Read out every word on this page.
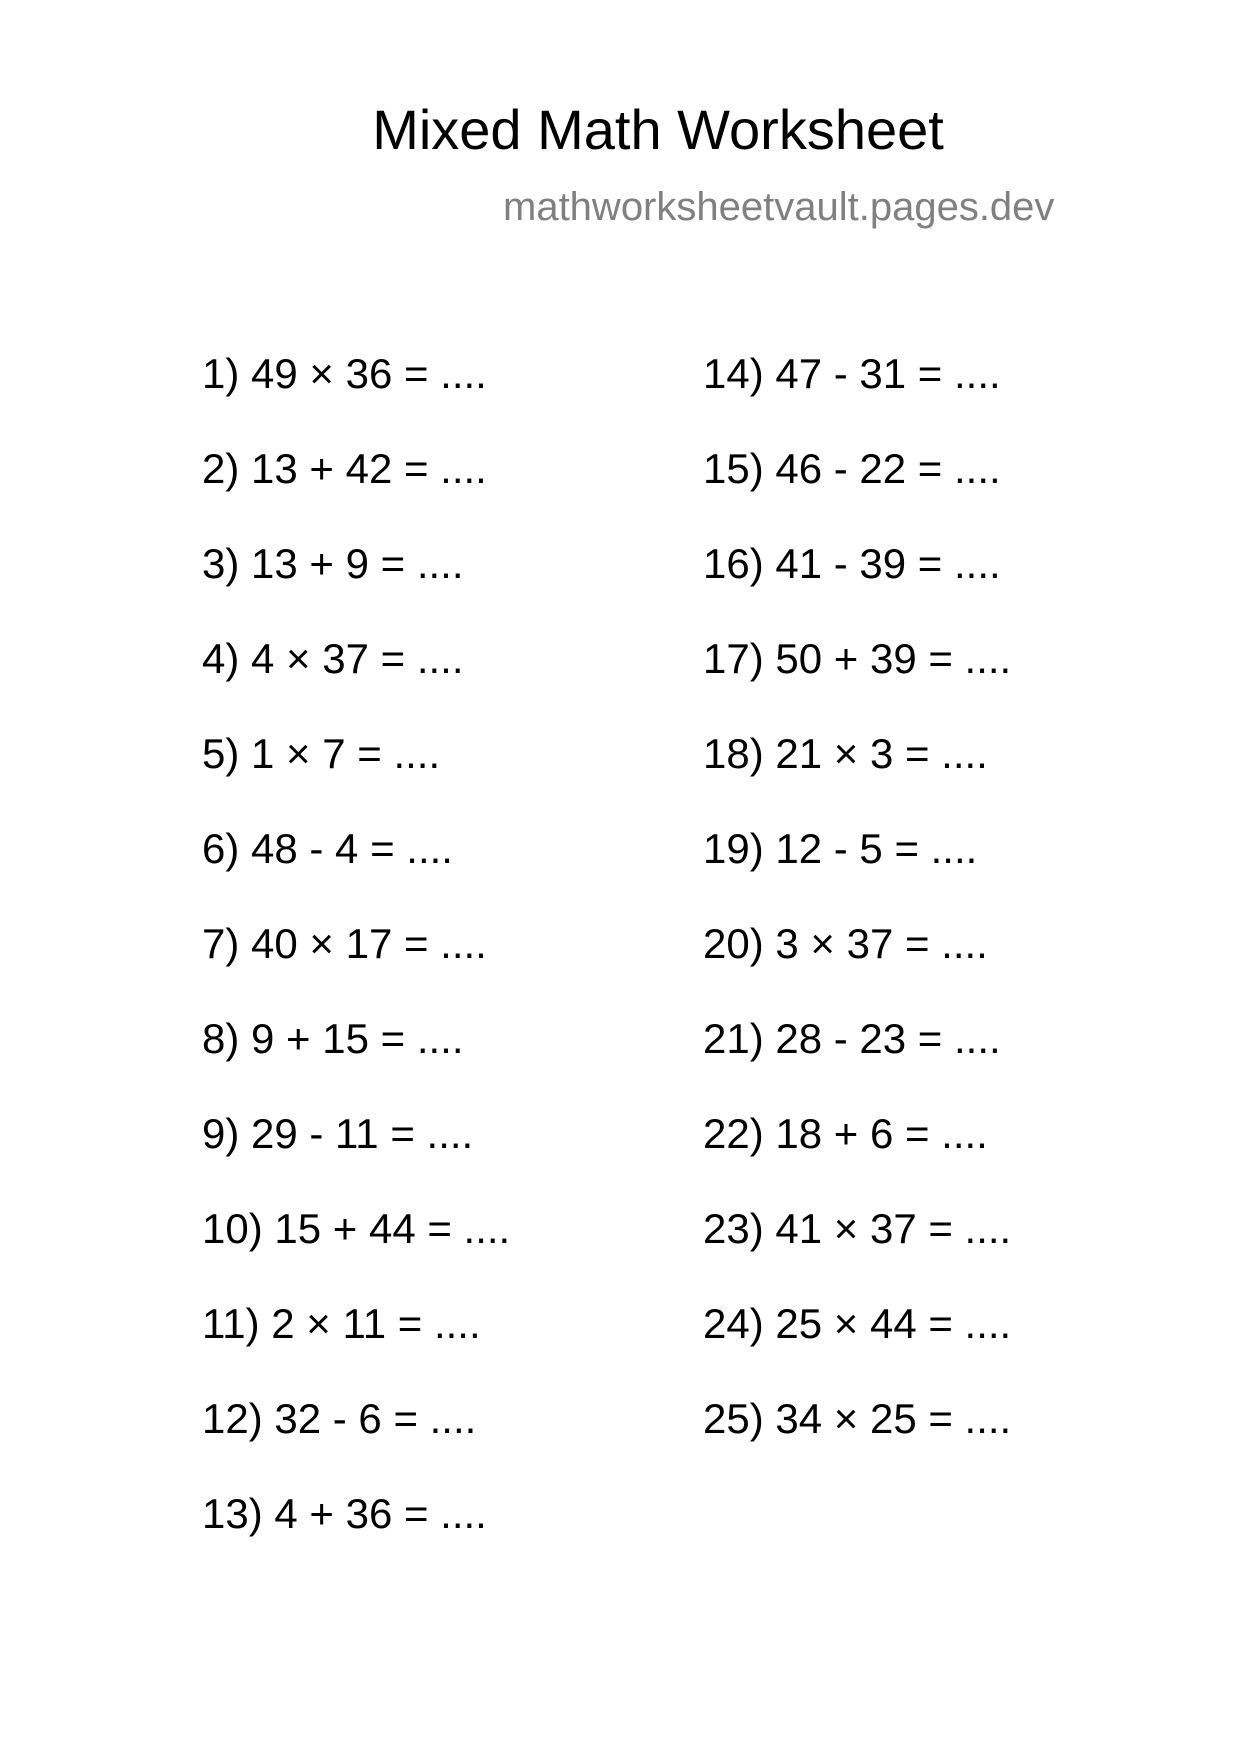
Mixed Math Worksheet

mathworksheetvault.pages.dev

1) 49 × 36 = ....
2) 13 + 42 = ....
3) 13 + 9 = ....
4) 4 × 37 = ....
5) 1 × 7 = ....
6) 48 - 4 = ....
7) 40 × 17 = ....
8) 9 + 15 = ....
9) 29 - 11 = ....
10) 15 + 44 = ....
11) 2 × 11 = ....
12) 32 - 6 = ....
13) 4 + 36 = ....
14) 47 - 31 = ....
15) 46 - 22 = ....
16) 41 - 39 = ....
17) 50 + 39 = ....
18) 21 × 3 = ....
19) 12 - 5 = ....
20) 3 × 37 = ....
21) 28 - 23 = ....
22) 18 + 6 = ....
23) 41 × 37 = ....
24) 25 × 44 = ....
25) 34 × 25 = ....
